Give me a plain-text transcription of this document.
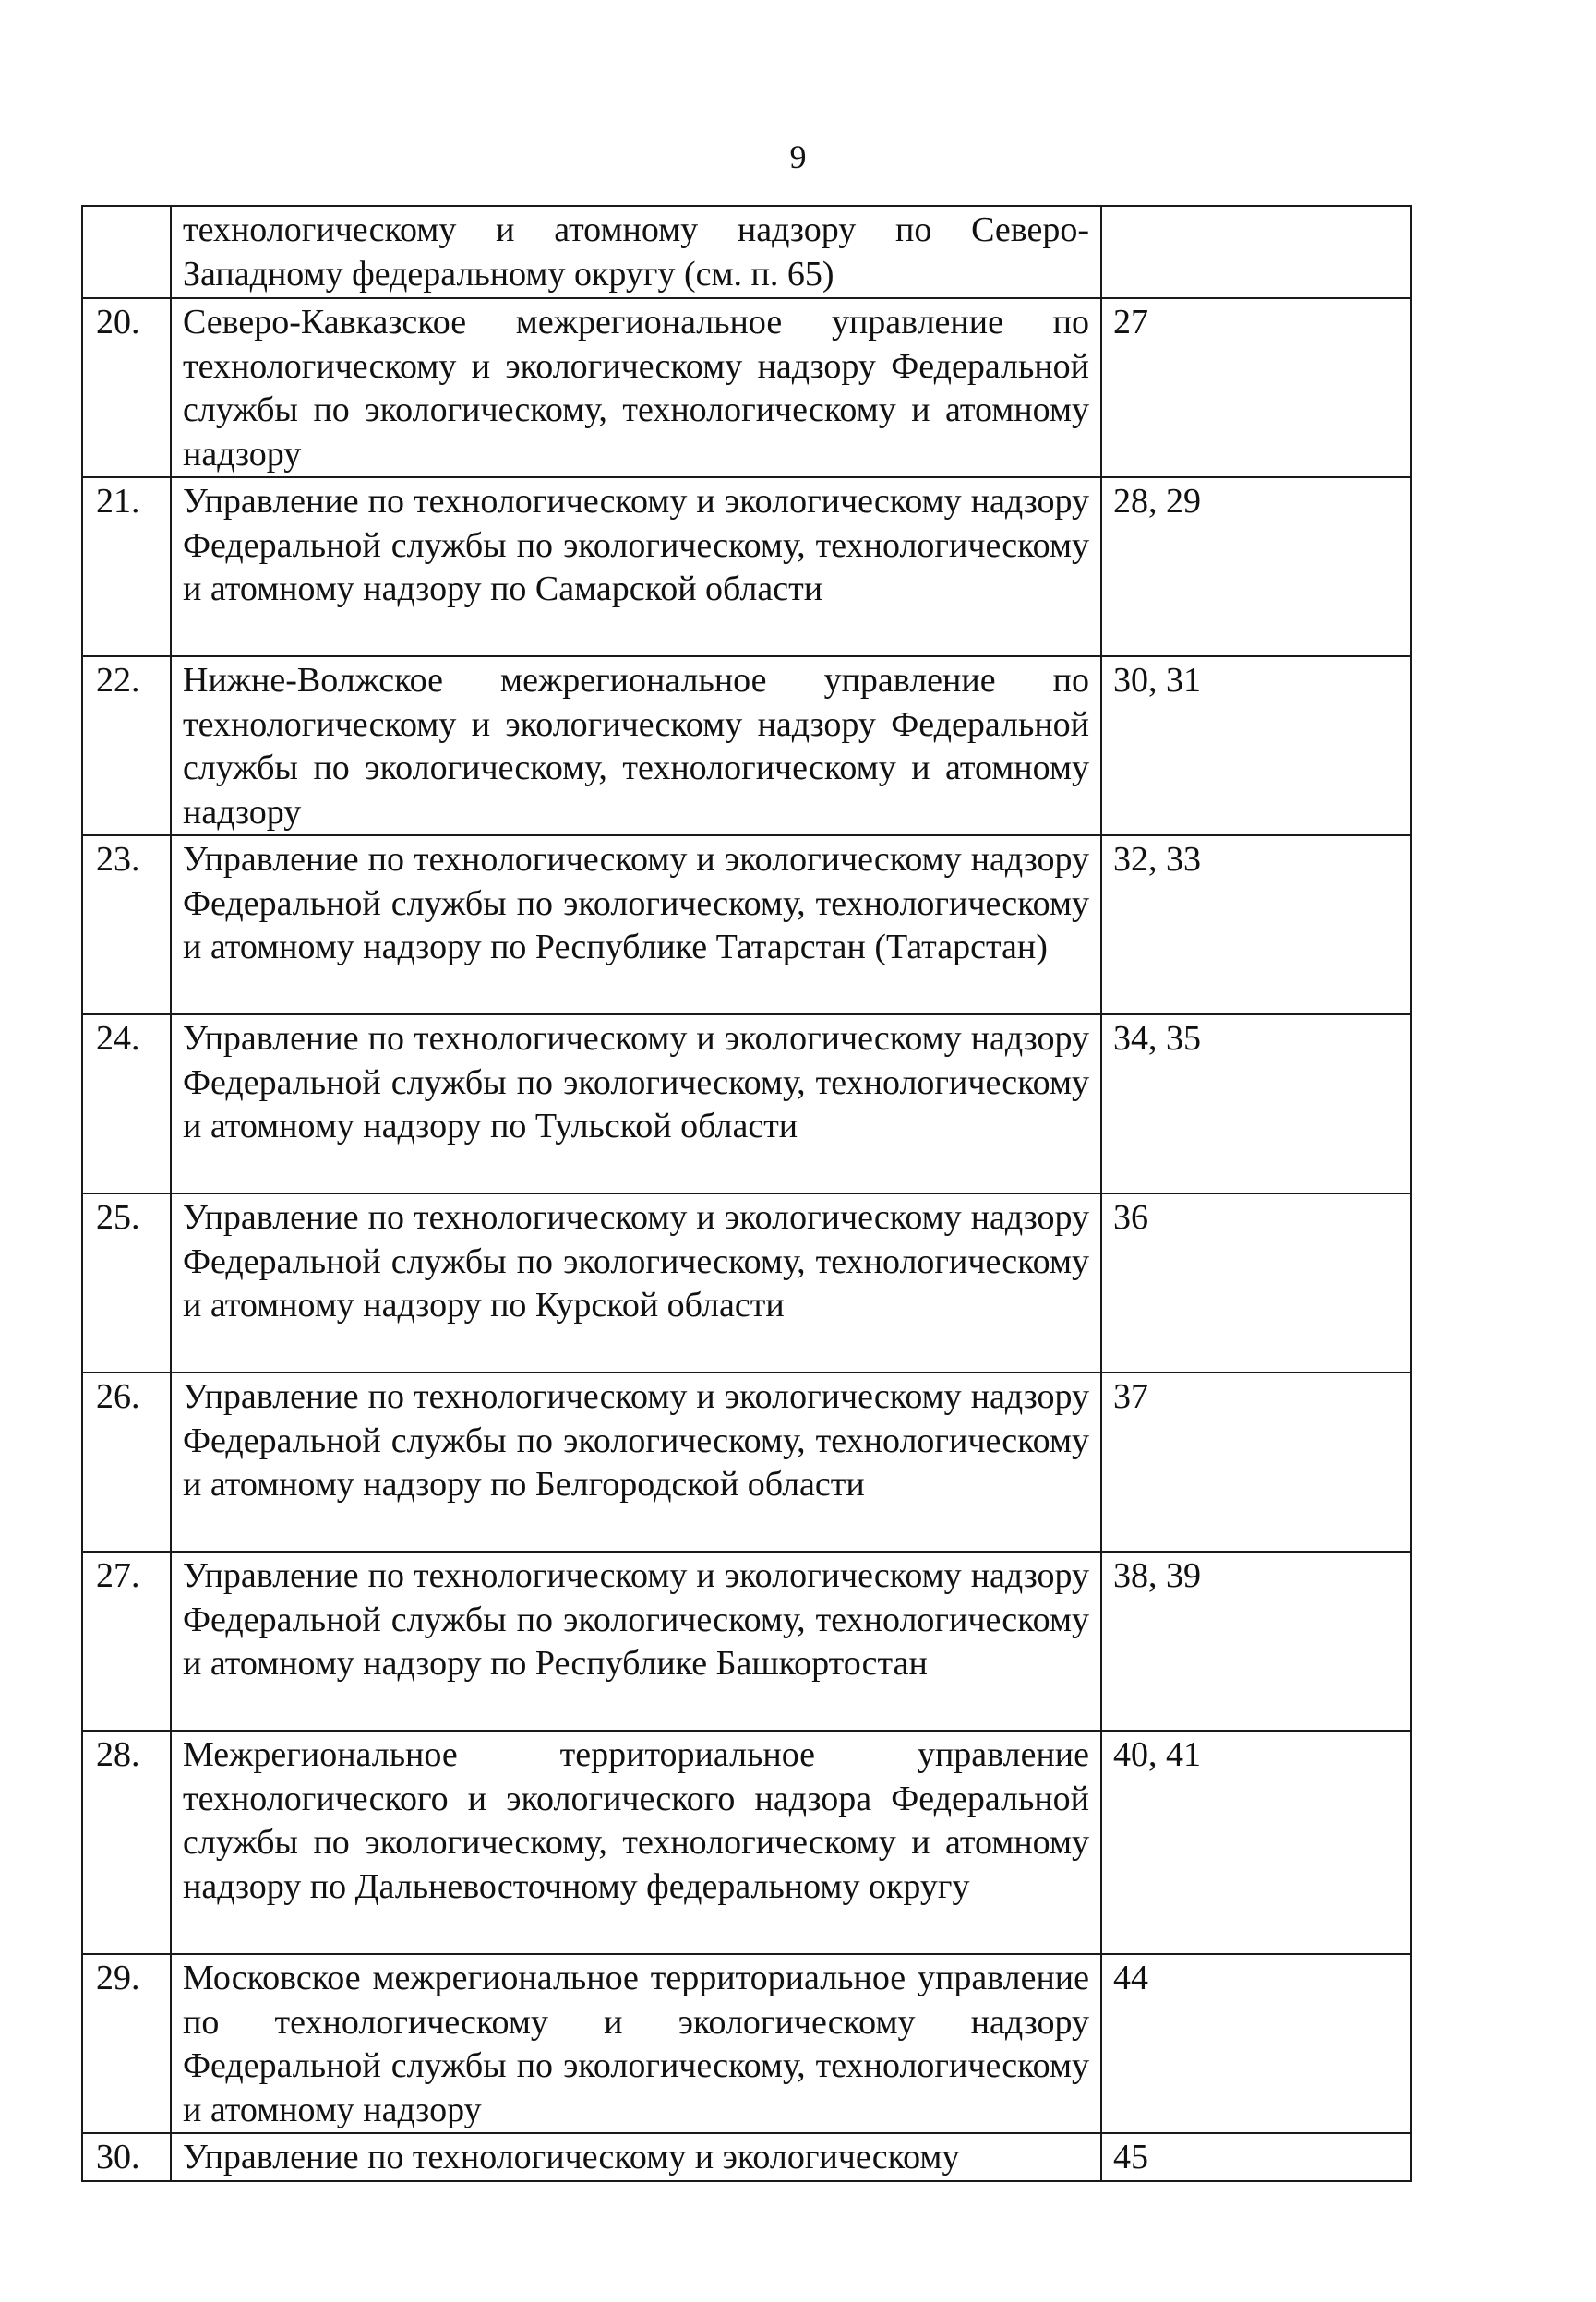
9
	технологическому и атомному надзору по Северо-Западному федеральному округу (см. п. 65)	
20.	Северо-Кавказское межрегиональное управление по технологическому и экологическому надзору Федеральной службы по экологическому, технологическому и атомному надзору	27
21.	Управление по технологическому и экологическому надзору Федеральной службы по экологическому, технологическому и атомному надзору по Самарской области	28, 29
22.	Нижне-Волжское межрегиональное управление по технологическому и экологическому надзору Федеральной службы по экологическому, технологическому и атомному надзору	30, 31
23.	Управление по технологическому и экологическому надзору Федеральной службы по экологическому, технологическому и атомному надзору по Республике Татарстан (Татарстан)	32, 33
24.	Управление по технологическому и экологическому надзору Федеральной службы по экологическому, технологическому и атомному надзору по Тульской области	34, 35
25.	Управление по технологическому и экологическому надзору Федеральной службы по экологическому, технологическому и атомному надзору по Курской области	36
26.	Управление по технологическому и экологическому надзору Федеральной службы по экологическому, технологическому и атомному надзору по Белгородской области	37
27.	Управление по технологическому и экологическому надзору Федеральной службы по экологическому, технологическому и атомному надзору по Республике Башкортостан	38, 39
28.	Межрегиональное территориальное управление технологического и экологического надзора Федеральной службы по экологическому, технологическому и атомному надзору по Дальневосточному федеральному округу	40, 41
29.	Московское межрегиональное территориальное управление по технологическому и экологическому надзору Федеральной службы по экологическому, технологическому и атомному надзору	44
30.	Управление по технологическому и экологическому	45
